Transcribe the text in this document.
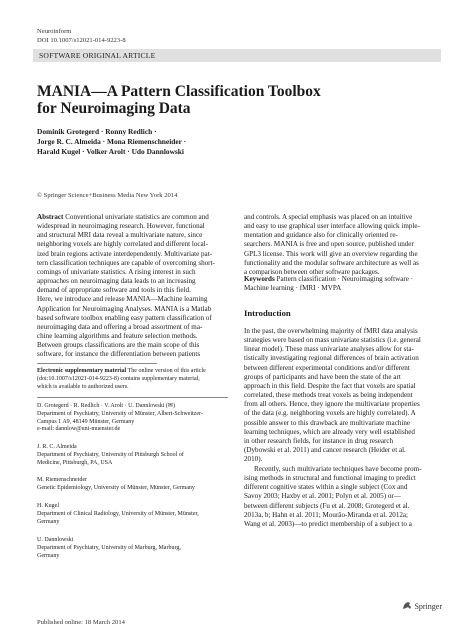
Neuroinform
DOI 10.1007/s12021-014-9223-8
SOFTWARE ORIGINAL ARTICLE
MANIA—A Pattern Classification Toolbox
for Neuroimaging Data
Dominik Grotegerd · Ronny Redlich ·
Jorge R. C. Almeida · Mona Riemenschneider ·
Harald Kugel · Volker Arolt · Udo Dannlowski
© Springer Science+Business Media New York 2014
Abstract Conventional univariate statistics are common and
widespread in neuroimaging research. However, functional
and structural MRI data reveal a multivariate nature, since
neighboring voxels are highly correlated and different local-
ized brain regions activate interdependently. Multivariate pat-
tern classification techniques are capable of overcoming short-
comings of univariate statistics. A rising interest in such
approaches on neuroimaging data leads to an increasing
demand of appropriate software and tools in this field.
Here, we introduce and release MANIA—Machine learning
Application for Neuroimaging Analyses. MANIA is a Matlab
based software toolbox enabling easy pattern classification of
neuroimaging data and offering a broad assortment of ma-
chine learning algorithms and feature selection methods.
Between groups classifications are the main scope of this
software, for instance the differentiation between patients
Electronic supplementary material The online version of this article
(doi:10.1007/s12021-014-9223-8) contains supplementary material,
which is available to authorized users.
D. Grotegerd · R. Redlich · V. Arolt · U. Dannlowski (✉)
Department of Psychiatry, University of Münster, Albert-Schweitzer-
Campus 1 A9, 48149 Münster, Germany
e-mail: dannlow@uni-muenster.de
J. R. C. Almeida
Department of Psychiatry, University of Pittsburgh School of
Medicine, Pittsburgh, PA, USA
M. Riemenschneider
Genetic Epidemiology, University of Münster, Münster, Germany
H. Kugel
Department of Clinical Radiology, University of Münster, Münster,
Germany
U. Dannlowski
Department of Psychiatry, University of Marburg, Marburg,
Germany
and controls. A special emphasis was placed on an intuitive
and easy to use graphical user interface allowing quick imple-
mentation and guidance also for clinically oriented re-
searchers. MANIA is free and open source, published under
GPL3 license. This work will give an overview regarding the
functionality and the modular software architecture as well as
a comparison between other software packages.
Keywords Pattern classification · Neuroimaging software ·
Machine learning · fMRI · MVPA
Introduction
In the past, the overwhelming majority of fMRI data analysis
strategies were based on mass univariate statistics (i.e. general
linear model). These mass univariate analyses allow for sta-
tistically investigating regional differences of brain activation
between different experimental conditions and/or different
groups of participants and have been the state of the art
approach in this field. Despite the fact that voxels are spatial
correlated, these methods treat voxels as being independent
from all others. Hence, they ignore the multivariate properties
of the data (e.g. neighboring voxels are highly correlated). A
possible answer to this drawback are multivariate machine
learning techniques, which are already very well established
in other research fields, for instance in drug research
(Dybowski et al. 2011) and cancer research (Heider et al.
2010).
Recently, such multivariate techniques have become prom-
ising methods in structural and functional imaging to predict
different cognitive states within a single subject (Cox and
Savoy 2003; Haxby et al. 2001; Polyn et al. 2005) or—
between different subjects (Fu et al. 2008; Grotegerd et al.
2013a, b; Hahn et al. 2011; Mourão-Miranda et al. 2012a;
Wang et al. 2003)—to predict membership of a subject to a
Springer
Published online: 18 March 2014
